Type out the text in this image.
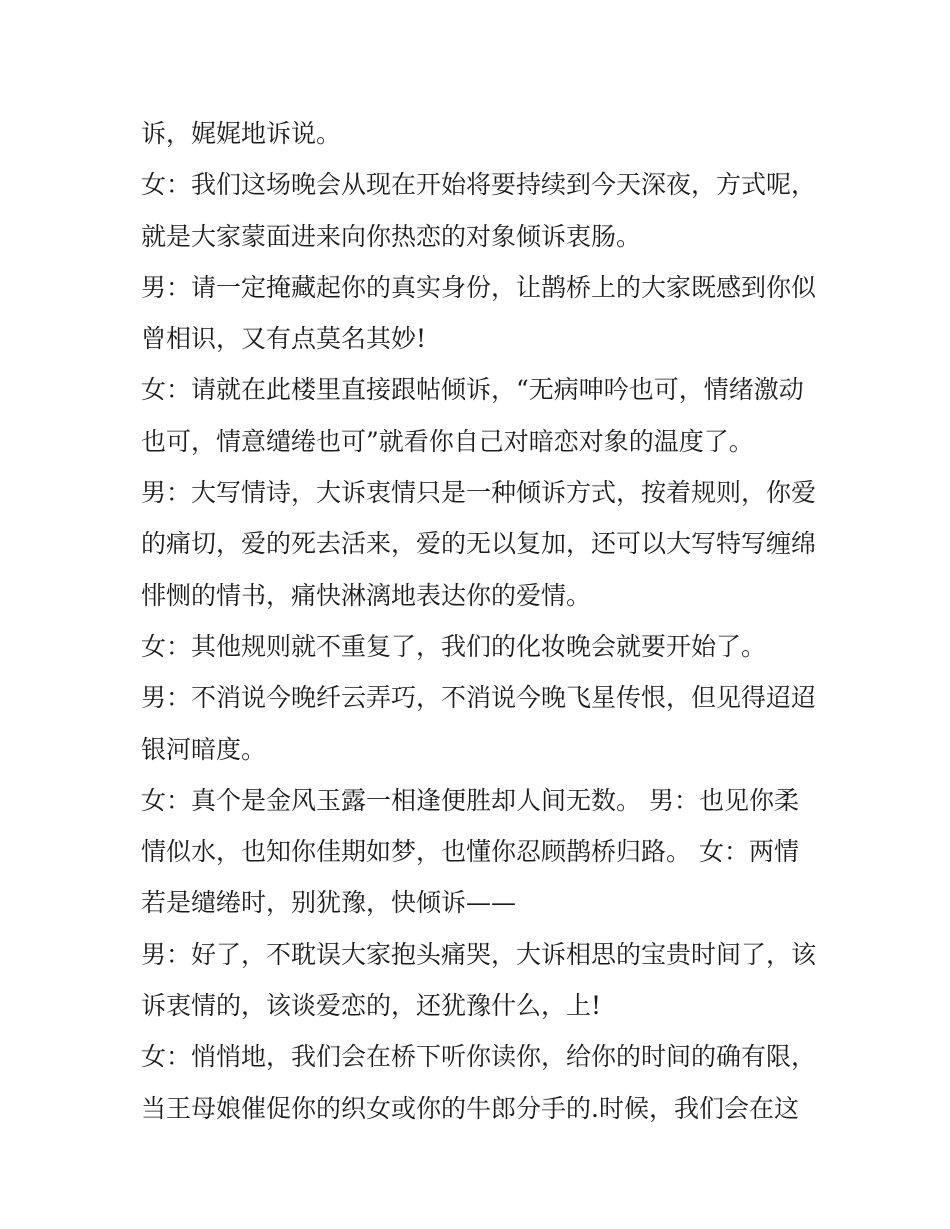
诉，娓娓地诉说。
女：我们这场晚会从现在开始将要持续到今天深夜，方式呢，
就是大家蒙面进来向你热恋的对象倾诉衷肠。
男：请一定掩藏起你的真实身份，让鹊桥上的大家既感到你似
曾相识，又有点莫名其妙!
女：请就在此楼里直接跟帖倾诉，“无病呻吟也可，情绪激动
也可，情意缱绻也可”就看你自己对暗恋对象的温度了。
男：大写情诗，大诉衷情只是一种倾诉方式，按着规则，你爱
的痛切，爱的死去活来，爱的无以复加，还可以大写特写缠绵
悱恻的情书，痛快淋漓地表达你的爱情。
女：其他规则就不重复了，我们的化妆晚会就要开始了。
男：不消说今晚纤云弄巧，不消说今晚飞星传恨，但见得迢迢
银河暗度。
女：真个是金风玉露一相逢便胜却人间无数。 男：也见你柔
情似水，也知你佳期如梦，也懂你忍顾鹊桥归路。 女：两情
若是缱绻时，别犹豫，快倾诉——
男：好了，不耽误大家抱头痛哭，大诉相思的宝贵时间了，该
诉衷情的，该谈爱恋的，还犹豫什么，上!
女：悄悄地，我们会在桥下听你读你，给你的时间的确有限，
当王母娘催促你的织女或你的牛郎分手的.时候，我们会在这
